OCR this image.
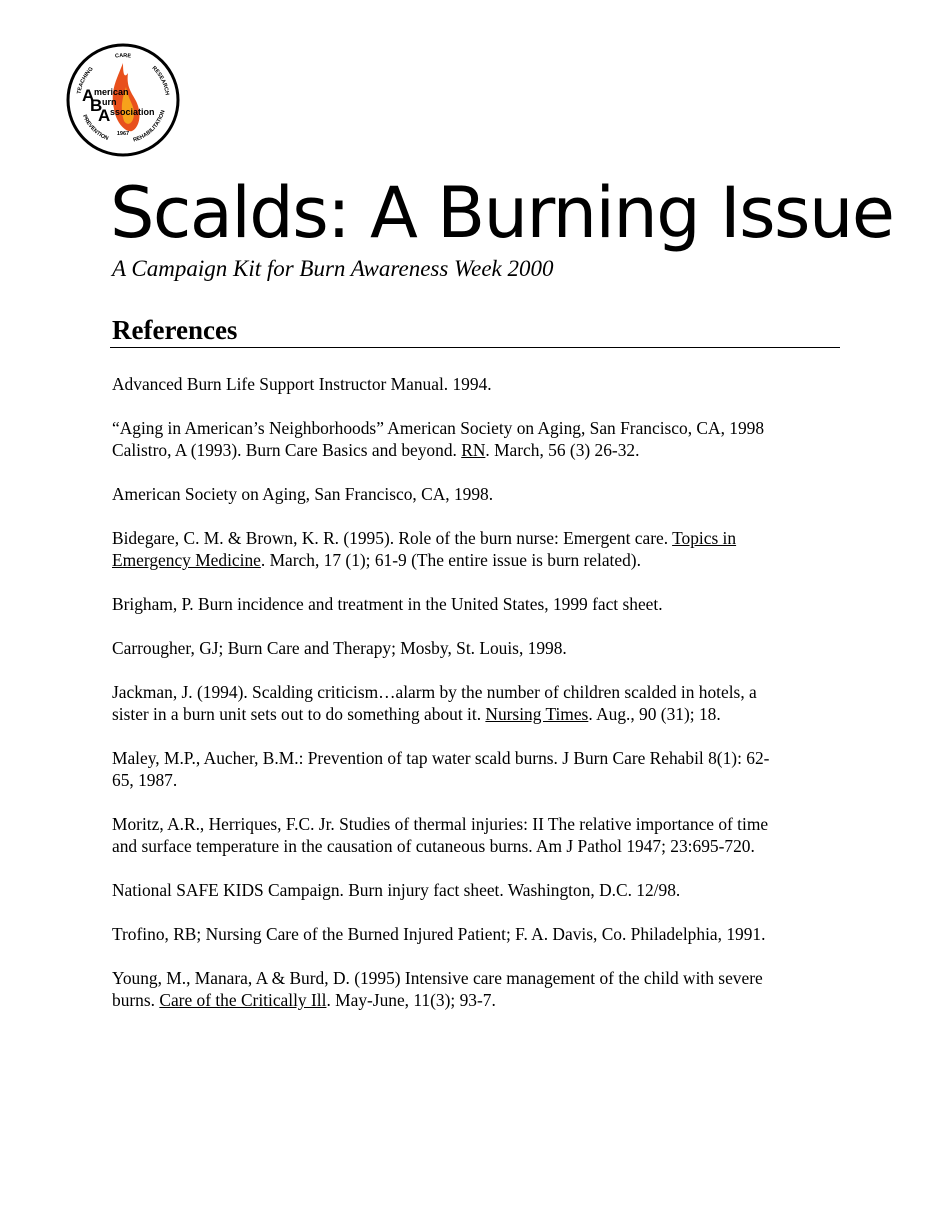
CARE
RESEARCH
TEACHING
REHABILITATION
PREVENTION
A
B
A
merican
urn
ssociation
1967
Scalds: A Burning Issue
A Campaign Kit for Burn Awareness Week 2000
References
Advanced Burn Life Support Instructor Manual. 1994.
“Aging in American’s Neighborhoods” American Society on Aging, San Francisco, CA, 1998
Calistro, A (1993). Burn Care Basics and beyond. RN. March, 56 (3) 26-32.
American Society on Aging, San Francisco, CA, 1998.
Bidegare, C. M. & Brown, K. R. (1995). Role of the burn nurse: Emergent care. Topics in
Emergency Medicine. March, 17 (1); 61-9 (The entire issue is burn related).
Brigham, P. Burn incidence and treatment in the United States, 1999 fact sheet.
Carrougher, GJ; Burn Care and Therapy; Mosby, St. Louis, 1998.
Jackman, J. (1994). Scalding criticism…alarm by the number of children scalded in hotels, a
sister in a burn unit sets out to do something about it. Nursing Times. Aug., 90 (31); 18.
Maley, M.P., Aucher, B.M.: Prevention of tap water scald burns. J Burn Care Rehabil 8(1): 62-
65, 1987.
Moritz, A.R., Herriques, F.C. Jr. Studies of thermal injuries: II The relative importance of time
and surface temperature in the causation of cutaneous burns. Am J Pathol 1947; 23:695-720.
National SAFE KIDS Campaign. Burn injury fact sheet. Washington, D.C. 12/98.
Trofino, RB; Nursing Care of the Burned Injured Patient; F. A. Davis, Co. Philadelphia, 1991.
Young, M., Manara, A & Burd, D. (1995) Intensive care management of the child with severe
burns. Care of the Critically Ill. May-June, 11(3); 93-7.
